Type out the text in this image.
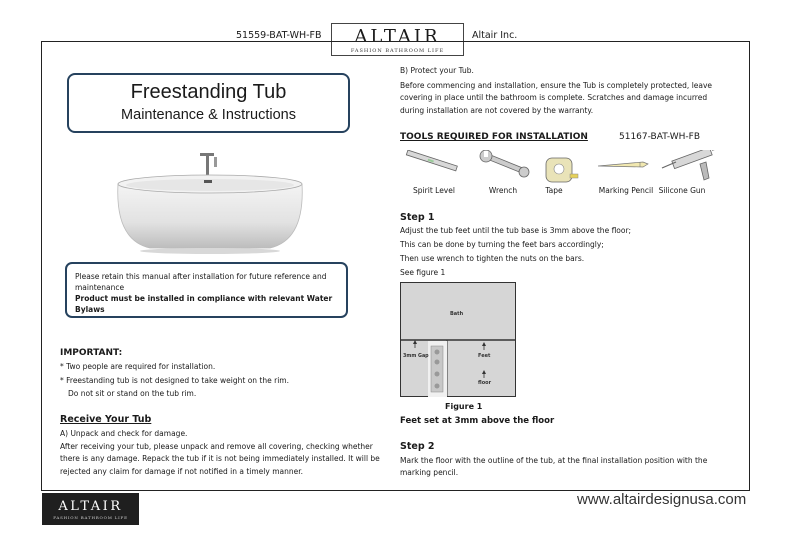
51559-BAT-WH-FB	ALTAIR
FASHION BATHROOM LIFE
Altair Inc.
Freestanding Tub
Maintenance & Instructions
Please retain this manual after installation for future reference and maintenance
Product must be installed in compliance with relevant Water Bylaws
IMPORTANT:
* Two people are required for installation.
* Freestanding tub is not designed to take weight on the rim.
Do not sit or stand on the tub rim.
Receive Your Tub
A) Unpack and check for damage.
After receiving your tub, please unpack and remove all covering, checking whether there is any damage. Repack the tub if it is not being immediately installed. It will be rejected any claim for damage if not notified in a timely manner.
B) Protect your Tub.
Before commencing and installation, ensure the Tub is completely protected, leave covering in place until the bathroom is complete. Scratches and damage incurred during installation are not covered by the warranty.
TOOLS REQUIRED FOR INSTALLATION	51167-BAT-WH-FB
Spirit Level	Wrench	Tape	Marking Pencil Silicone Gun
Step 1
Adjust the tub feet until the tub base is 3mm above the floor;
This can be done by turning the feet bars accordingly;
Then use wrench to tighten the nuts on the bars.
See figure 1
Bath
3mm Gap	Feet
floor
Figure 1
Feet set at 3mm above the floor
Step 2
Mark the floor with the outline of the tub, at the final installation position with the marking pencil.
ALTAIR
FASHION BATHROOM LIFE
www.altairdesignusa.com
